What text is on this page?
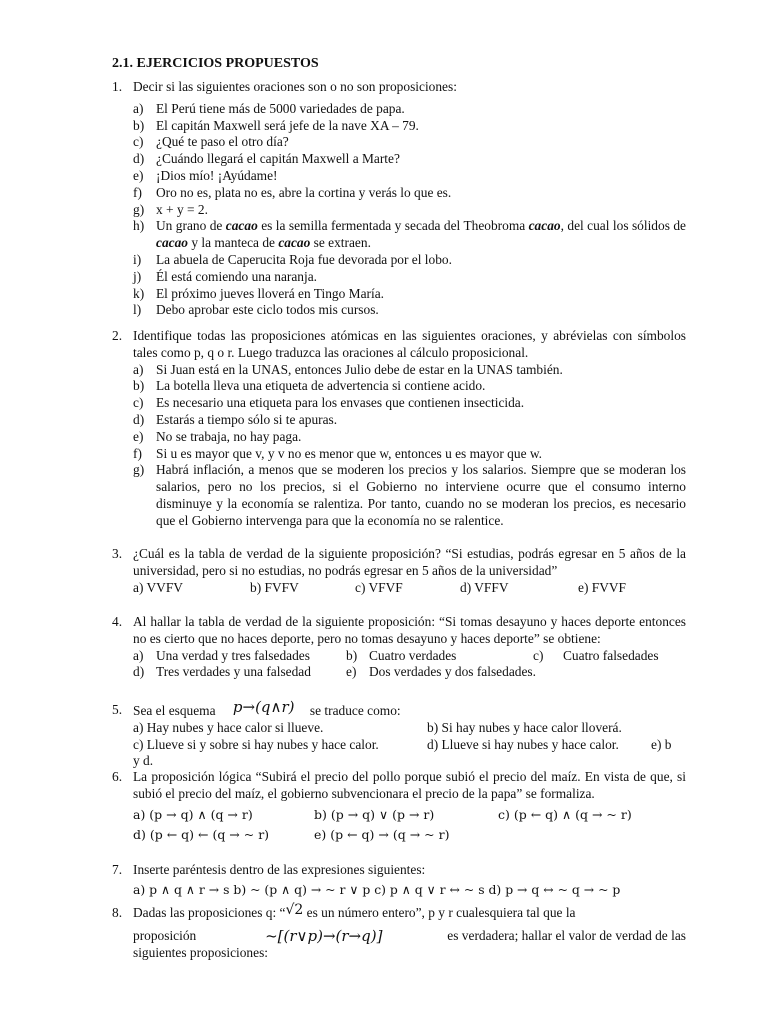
2.1. EJERCICIOS PROPUESTOS
1. Decir si las siguientes oraciones son o no son proposiciones:
a) El Perú tiene más de 5000 variedades de papa.
b) El capitán Maxwell será jefe de la nave XA – 79.
c) ¿Qué te paso el otro día?
d) ¿Cuándo llegará el capitán Maxwell a Marte?
e) ¡Dios mío! ¡Ayúdame!
f) Oro no es, plata no es, abre la cortina y verás lo que es.
g) x + y = 2.
h) Un grano de cacao es la semilla fermentada y secada del Theobroma cacao, del cual los sólidos de cacao y la manteca de cacao se extraen.
i) La abuela de Caperucita Roja fue devorada por el lobo.
j) Él está comiendo una naranja.
k) El próximo jueves lloverá en Tingo María.
l) Debo aprobar este ciclo todos mis cursos.
2. Identifique todas las proposiciones atómicas en las siguientes oraciones, y abrévielas con símbolos tales como p, q o r. Luego traduzca las oraciones al cálculo proposicional.
a) Si Juan está en la UNAS, entonces Julio debe de estar en la UNAS también.
b) La botella lleva una etiqueta de advertencia si contiene acido.
c) Es necesario una etiqueta para los envases que contienen insecticida.
d) Estarás a tiempo sólo si te apuras.
e) No se trabaja, no hay paga.
f) Si u es mayor que v, y v no es menor que w, entonces u es mayor que w.
g) Habrá inflación, a menos que se moderen los precios y los salarios. Siempre que se moderan los salarios, pero no los precios, si el Gobierno no interviene ocurre que el consumo interno disminuye y la economía se ralentiza. Por tanto, cuando no se moderan los precios, es necesario que el Gobierno intervenga para que la economía no se ralentice.
3. ¿Cuál es la tabla de verdad de la siguiente proposición? “Si estudias, podrás egresar en 5 años de la universidad, pero si no estudias, no podrás egresar en 5 años de la universidad”
a) VVFV	b) FVFV	c) VFVF	d) VFFV	e) FVVF
4. Al hallar la tabla de verdad de la siguiente proposición: “Si tomas desayuno y haces deporte entonces no es cierto que no haces deporte, pero no tomas desayuno y haces deporte” se obtiene:
a) Una verdad y tres falsedades	b) Cuatro verdades	c)	Cuatro falsedades
d) Tres verdades y una falsedad	e) Dos verdades y dos falsedades.
5. Sea el esquema p→(q∧r) se traduce como:
a) Hay nubes y hace calor si llueve.	b) Si hay nubes y hace calor lloverá.
c) Llueve si y sobre si hay nubes y hace calor.	d) Llueve si hay nubes y hace calor.	e) b
y d.
6. La proposición lógica “Subirá el precio del pollo porque subió el precio del maíz. En vista de que, si subió el precio del maíz, el gobierno subvencionara el precio de la papa” se formaliza.
a) (p → q) ∧ (q → r)	b) (p → q) ∨ (p → r)	c) (p ← q) ∧ (q → ~ r)
d) (p ← q) ← (q → ~ r)	e) (p ← q) → (q → ~ r)
7. Inserte paréntesis dentro de las expresiones siguientes:
a) p ∧ q ∧ r → s b) ~ (p ∧ q) → ~ r ∨ p c) p ∧ q ∨ r ↔ ~ s d) p → q ↔ ~ q → ~ p
8. Dadas las proposiciones q: “√2 es un número entero”, p y r cualesquiera tal que la
proposición	~[(r∨p)→(r→q)]	es verdadera; hallar el valor de verdad de las
siguientes proposiciones:
